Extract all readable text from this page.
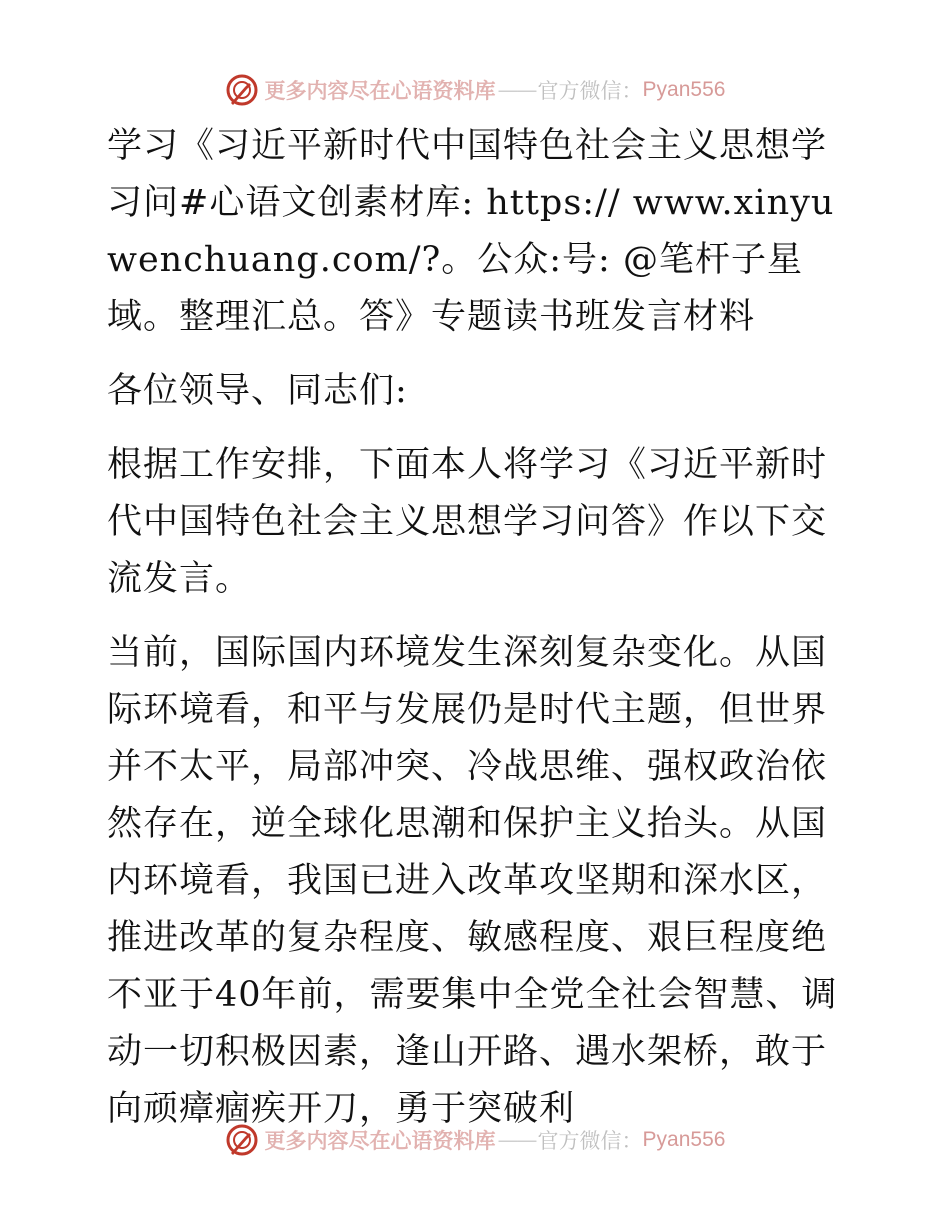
更多内容尽在心语资料库 —— 官方微信： Pyan556

学习《习近平新时代中国特色社会主义思想学习问#心语文创素材库: https:// www.xinyuwenchuang.com/?。公众:号: @笔杆子星域。整理汇总。答》专题读书班发言材料

各位领导、同志们:

根据工作安排，下面本人将学习《习近平新时代中国特色社会主义思想学习问答》作以下交流发言。

当前，国际国内环境发生深刻复杂变化。从国际环境看，和平与发展仍是时代主题，但世界并不太平，局部冲突、冷战思维、强权政治依然存在，逆全球化思潮和保护主义抬头。从国内环境看，我国已进入改革攻坚期和深水区，推进改革的复杂程度、敏感程度、艰巨程度绝不亚于40年前，需要集中全党全社会智慧、调动一切积极因素，逢山开路、遇水架桥，敢于向顽瘴痼疾开刀，勇于突破利

更多内容尽在心语资料库 —— 官方微信： Pyan556
